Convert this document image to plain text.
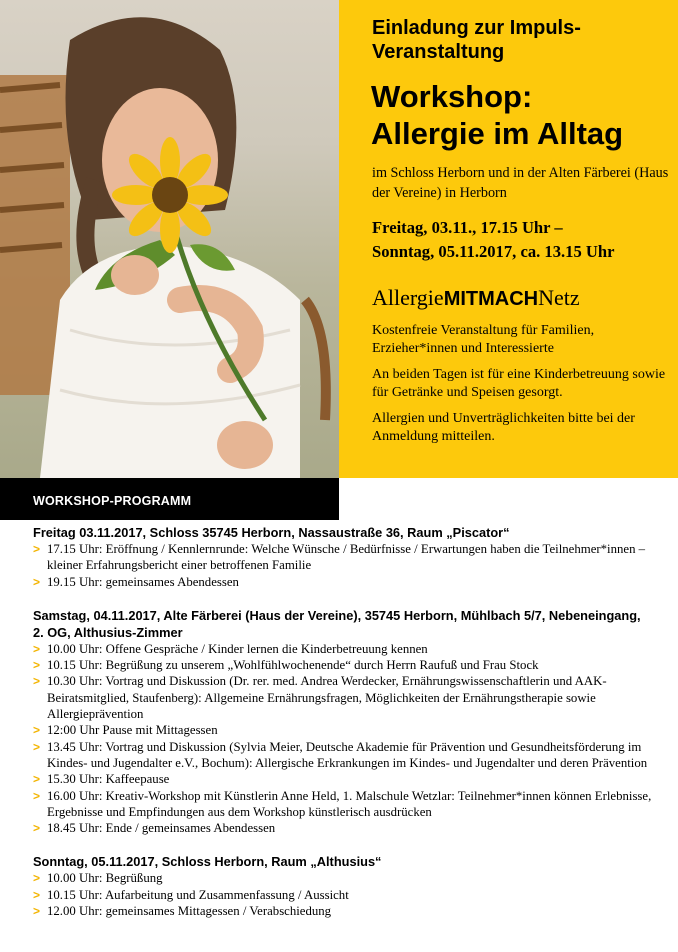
Einladung zur Impuls-Veranstaltung
Workshop:
Allergie im Alltag
im Schloss Herborn und in der Alten Färberei (Haus der Vereine) in Herborn
Freitag, 03.11., 17.15 Uhr –
Sonntag, 05.11.2017, ca. 13.15 Uhr
AllergieMITMACHNetz

Kostenfreie Veranstaltung für Familien, Erzieher*innen und Interessierte

An beiden Tagen ist für eine Kinderbetreuung sowie für Getränke und Speisen gesorgt.

Allergien und Unverträglichkeiten bitte bei der Anmeldung mitteilen.

WORKSHOP-PROGRAMM
Freitag 03.11.2017, Schloss 35745 Herborn, Nassaustraße 36, Raum „Piscator“
> 17.15 Uhr: Eröffnung / Kennlernrunde: Welche Wünsche / Bedürfnisse / Erwartungen haben die Teilnehmer*innen – kleiner Erfahrungsbericht einer betroffenen Familie
> 19.15 Uhr: gemeinsames Abendessen
Samstag, 04.11.2017, Alte Färberei (Haus der Vereine), 35745 Herborn, Mühlbach 5/7, Nebeneingang, 2. OG, Althusius-Zimmer
> 10.00 Uhr: Offene Gespräche / Kinder lernen die Kinderbetreuung kennen
> 10.15 Uhr: Begrüßung zu unserem „Wohlfühlwochenende“ durch Herrn Raufuß und Frau Stock
> 10.30 Uhr: Vortrag und Diskussion (Dr. rer. med. Andrea Werdecker, Ernährungswissenschaftlerin und AAK-Beiratsmitglied, Staufenberg): Allgemeine Ernährungsfragen, Möglichkeiten der Ernährungstherapie sowie Allergieprävention
> 12:00 Uhr Pause mit Mittagessen
> 13.45 Uhr: Vortrag und Diskussion (Sylvia Meier, Deutsche Akademie für Prävention und Gesundheitsförderung im Kindes- und Jugendalter e.V., Bochum): Allergische Erkrankungen im Kindes- und Jugendalter und deren Prävention
> 15.30 Uhr: Kaffeepause
> 16.00 Uhr: Kreativ-Workshop mit Künstlerin Anne Held, 1. Malschule Wetzlar: Teilnehmer*innen können Erlebnisse, Ergebnisse und Empfindungen aus dem Workshop künstlerisch ausdrücken
> 18.45 Uhr: Ende / gemeinsames Abendessen
Sonntag, 05.11.2017, Schloss Herborn, Raum „Althusius“
> 10.00 Uhr: Begrüßung
> 10.15 Uhr: Aufarbeitung und Zusammenfassung / Aussicht
> 12.00 Uhr: gemeinsames Mittagessen / Verabschiedung
